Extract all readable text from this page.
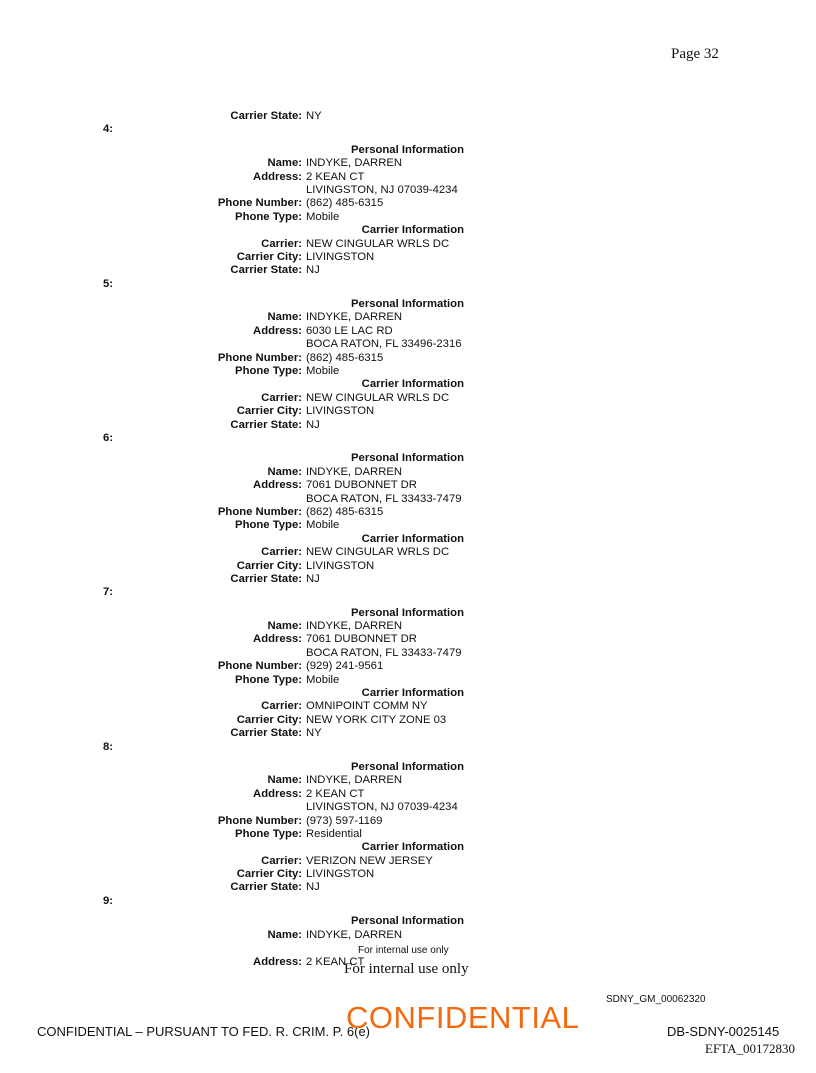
Page 32
Carrier State: NY
4:
Personal Information
Name: INDYKE, DARREN
Address: 2 KEAN CT
LIVINGSTON, NJ 07039-4234
Phone Number: (862) 485-6315
Phone Type: Mobile
Carrier Information
Carrier: NEW CINGULAR WRLS DC
Carrier City: LIVINGSTON
Carrier State: NJ
5:
Personal Information
Name: INDYKE, DARREN
Address: 6030 LE LAC RD
BOCA RATON, FL 33496-2316
Phone Number: (862) 485-6315
Phone Type: Mobile
Carrier Information
Carrier: NEW CINGULAR WRLS DC
Carrier City: LIVINGSTON
Carrier State: NJ
6:
Personal Information
Name: INDYKE, DARREN
Address: 7061 DUBONNET DR
BOCA RATON, FL 33433-7479
Phone Number: (862) 485-6315
Phone Type: Mobile
Carrier Information
Carrier: NEW CINGULAR WRLS DC
Carrier City: LIVINGSTON
Carrier State: NJ
7:
Personal Information
Name: INDYKE, DARREN
Address: 7061 DUBONNET DR
BOCA RATON, FL 33433-7479
Phone Number: (929) 241-9561
Phone Type: Mobile
Carrier Information
Carrier: OMNIPOINT COMM NY
Carrier City: NEW YORK CITY ZONE 03
Carrier State: NY
8:
Personal Information
Name: INDYKE, DARREN
Address: 2 KEAN CT
LIVINGSTON, NJ 07039-4234
Phone Number: (973) 597-1169
Phone Type: Residential
Carrier Information
Carrier: VERIZON NEW JERSEY
Carrier City: LIVINGSTON
Carrier State: NJ
9:
Personal Information
Name: INDYKE, DARREN
Address: 2 KEAN CT
For internal use only
For internal use only
SDNY_GM_00062320
CONFIDENTIAL – PURSUANT TO FED. R. CRIM. P. 6(e)
CONFIDENTIAL	DB-SDNY-0025145
EFTA_00172830
